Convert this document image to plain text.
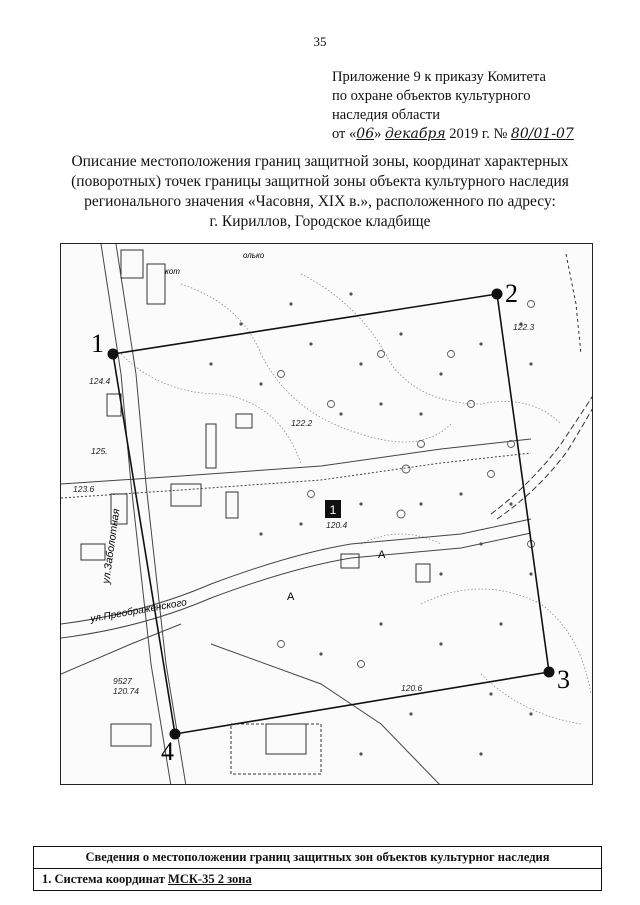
35
Приложение 9 к приказу Комитета
по охране объектов культурного
наследия области
от «06» декабря 2019 г. № 80/01-07
Описание местоположения границ защитной зоны, координат характерных
(поворотных) точек границы защитной зоны объекта культурного наследия
регионального значения «Часовня, XIX в.», расположенного по адресу:
г. Кириллов, Городское кладбище
1
1
2
3
4
124.4
125.
123.6
122.2
122.3
120.4
120.6
120.74
9527
ул.Заболотная
ул.Преображенского
A
A
кот
олько
Сведения о местоположении границ защитных зон объектов культурног наследия
1. Система координат МСК-35 2 зона
